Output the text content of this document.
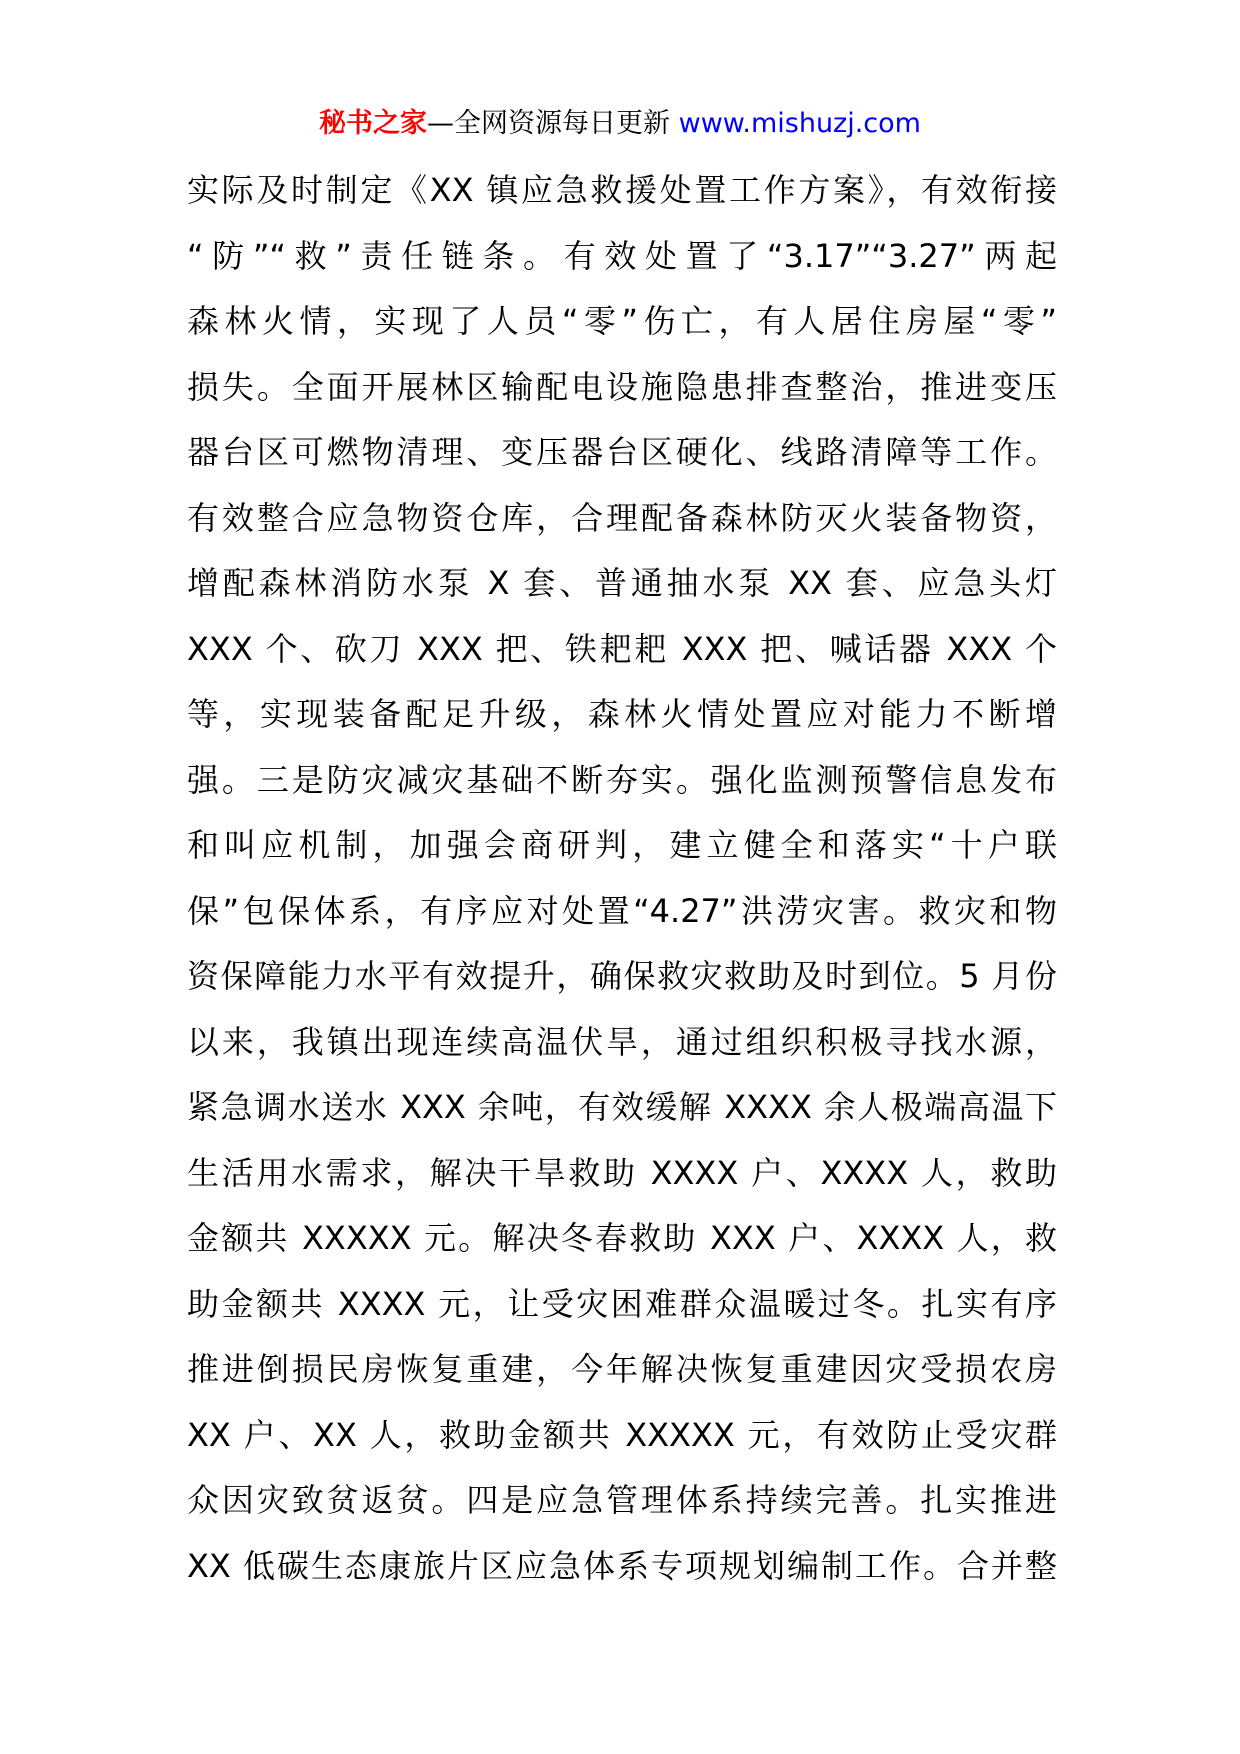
秘书之家—全网资源每日更新 www.mishuzj.com
实际及时制定《XX 镇应急救援处置工作方案》，有效衔接
“防”“救”责任链条。有效处置了“3.17”“3.27”两起
森林火情，实现了人员“零”伤亡，有人居住房屋“零”
损失。全面开展林区输配电设施隐患排查整治，推进变压
器台区可燃物清理、变压器台区硬化、线路清障等工作。
有效整合应急物资仓库，合理配备森林防灭火装备物资，
增配森林消防水泵 X 套、普通抽水泵 XX 套、应急头灯
XXX 个、砍刀 XXX 把、铁耙耙 XXX 把、喊话器 XXX 个
等，实现装备配足升级，森林火情处置应对能力不断增
强。三是防灾减灾基础不断夯实。强化监测预警信息发布
和叫应机制，加强会商研判，建立健全和落实“十户联
保”包保体系，有序应对处置“4.27”洪涝灾害。救灾和物
资保障能力水平有效提升，确保救灾救助及时到位。5 月份
以来，我镇出现连续高温伏旱，通过组织积极寻找水源，
紧急调水送水 XXX 余吨，有效缓解 XXXX 余人极端高温下
生活用水需求，解决干旱救助 XXXX 户、XXXX 人，救助
金额共 XXXXX 元。解决冬春救助 XXX 户、XXXX 人，救
助金额共 XXXX 元，让受灾困难群众温暖过冬。扎实有序
推进倒损民房恢复重建，今年解决恢复重建因灾受损农房
XX 户、XX 人，救助金额共 XXXXX 元，有效防止受灾群
众因灾致贫返贫。四是应急管理体系持续完善。扎实推进
XX 低碳生态康旅片区应急体系专项规划编制工作。合并整
